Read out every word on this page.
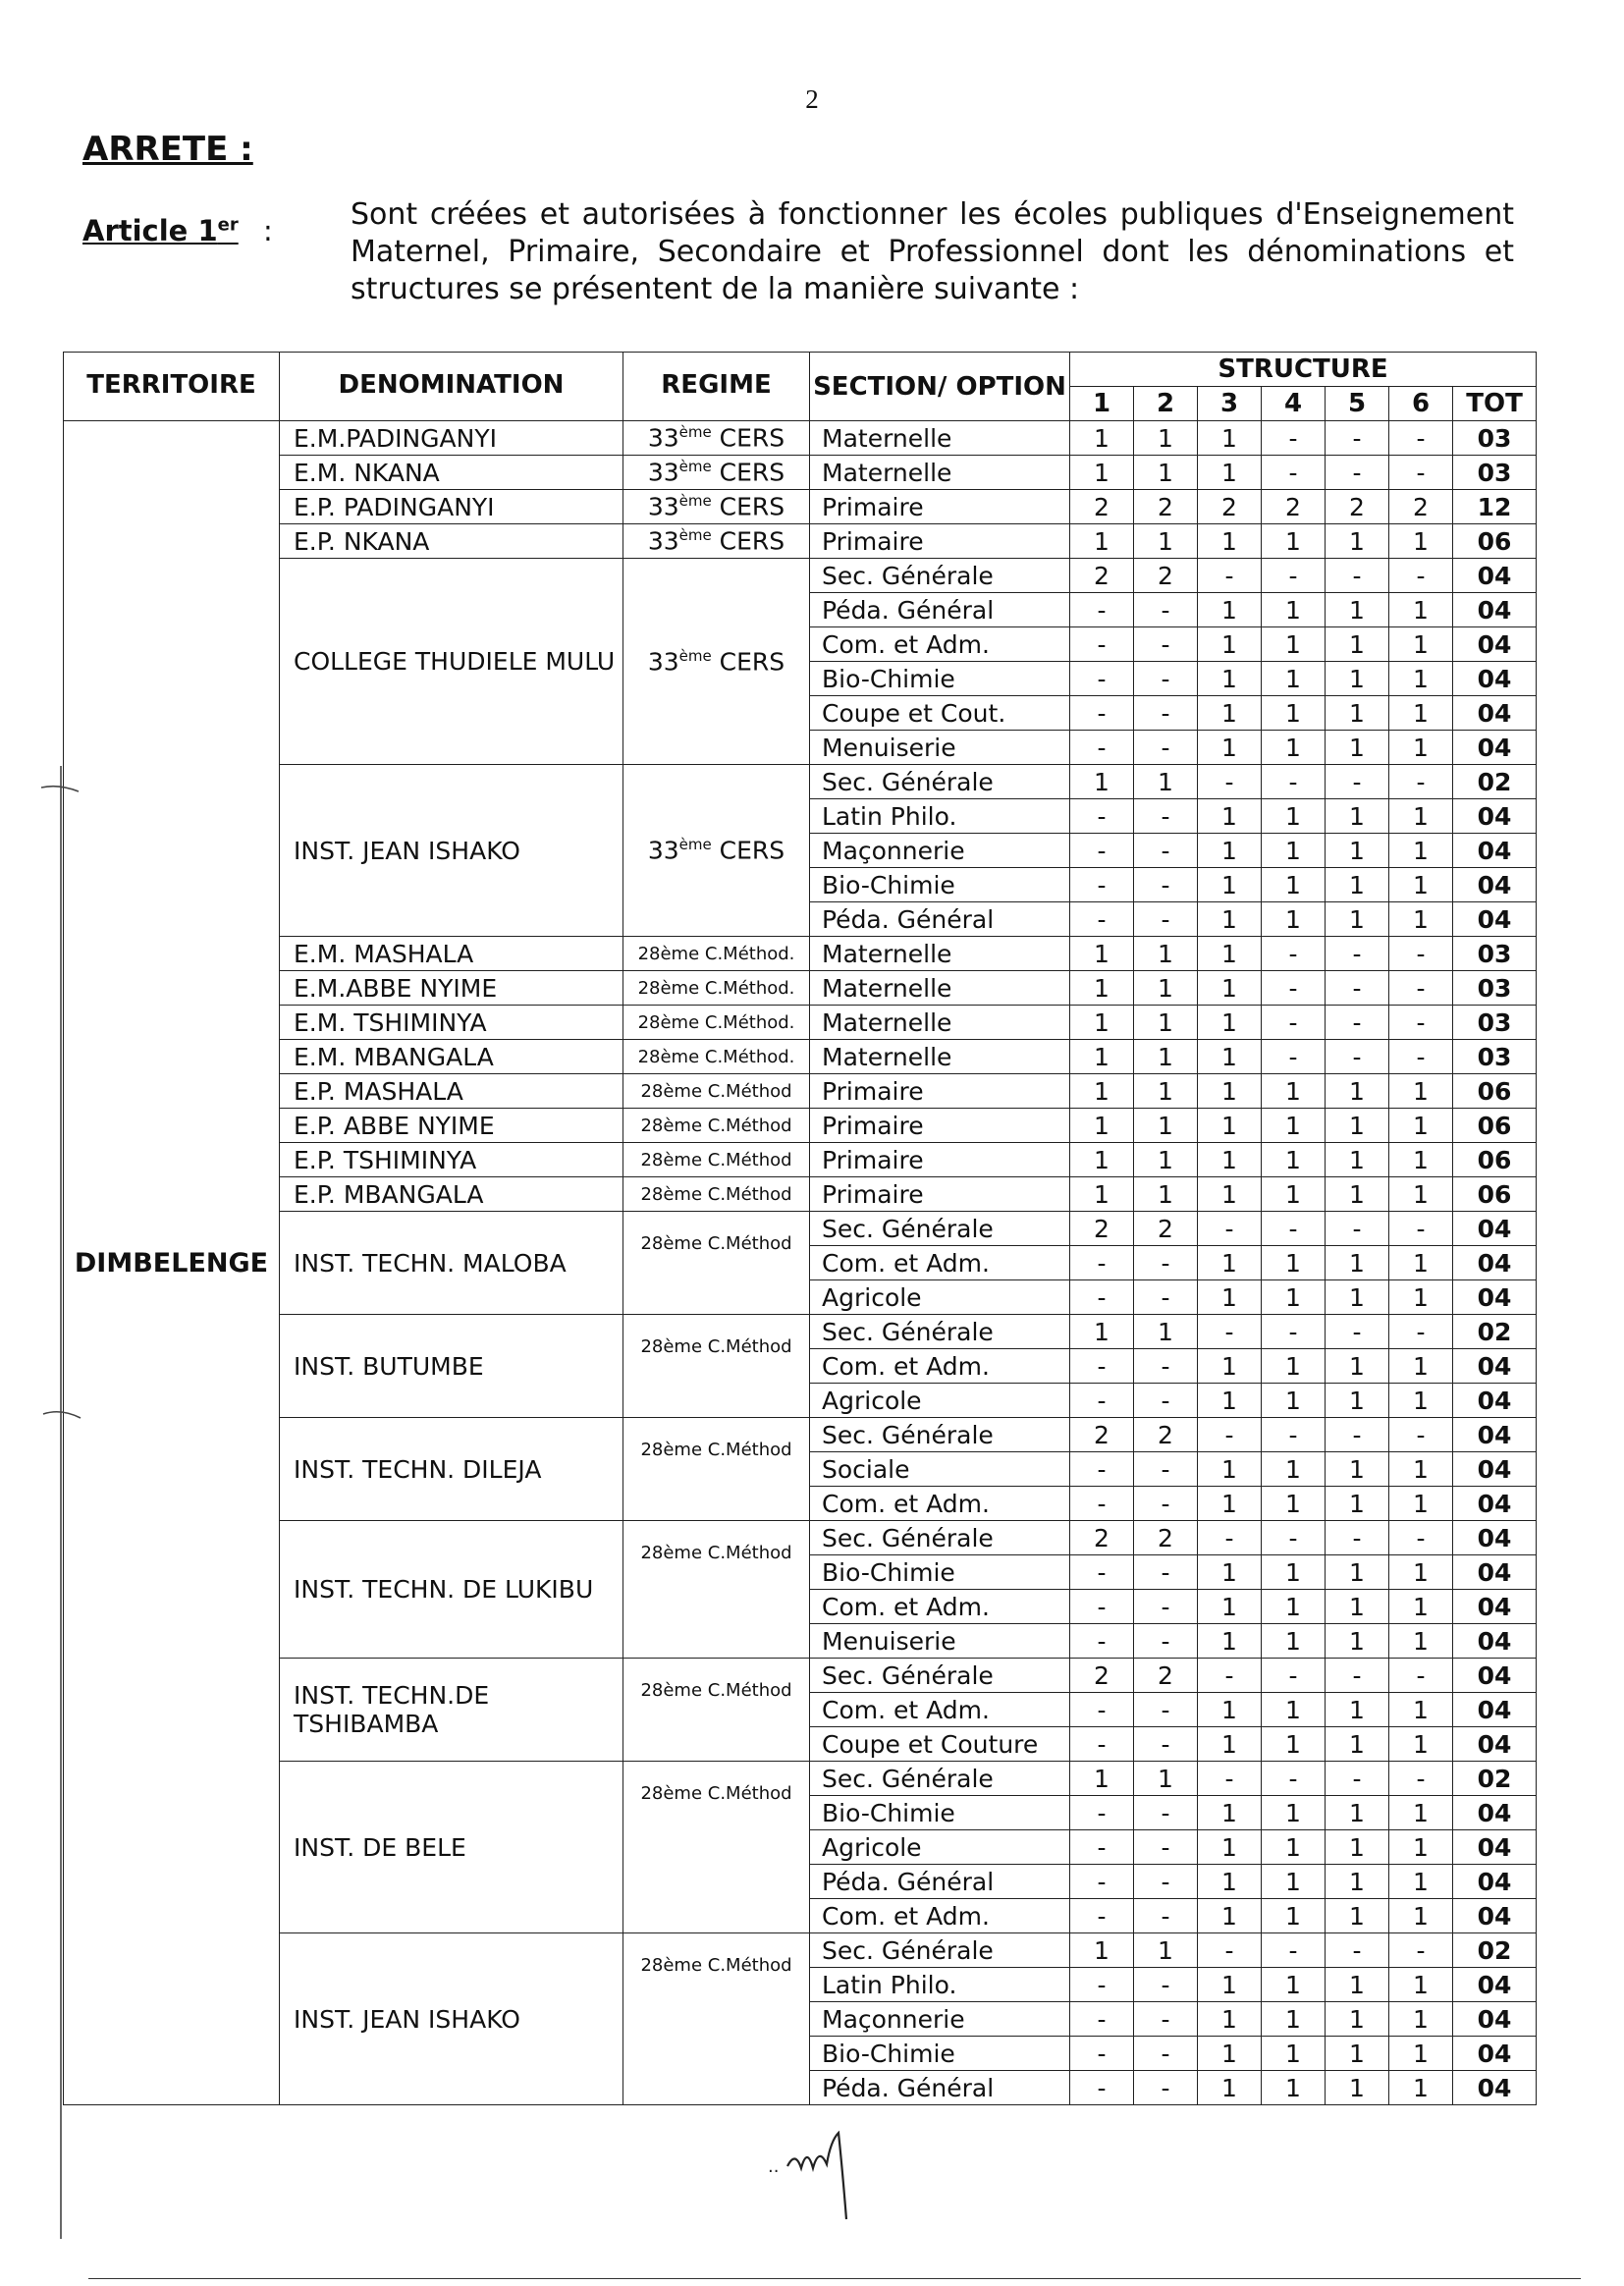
2
ARRETE :
Article 1er :	Sont créées et autorisées à fonctionner les écoles publiques d'Enseignement Maternel, Primaire, Secondaire et Professionnel dont les dénominations et structures se présentent de la manière suivante :
TERRITOIRE	DENOMINATION	REGIME	SECTION/ OPTION	STRUCTURE						
				1	2	3	4	5	6	TOT
DIMBELENGE	E.M.PADINGANYI	33ème CERS	Maternelle	1	1	1	-	-	-	03
	E.M. NKANA	33ème CERS	Maternelle	1	1	1	-	-	-	03
	E.P. PADINGANYI	33ème CERS	Primaire	2	2	2	2	2	2	12
	E.P. NKANA	33ème CERS	Primaire	1	1	1	1	1	1	06
	COLLEGE THUDIELE MULU	33ème CERS	Sec. Générale	2	2	-	-	-	-	04
			Péda. Général	-	-	1	1	1	1	04
			Com. et Adm.	-	-	1	1	1	1	04
			Bio-Chimie	-	-	1	1	1	1	04
			Coupe et Cout.	-	-	1	1	1	1	04
			Menuiserie	-	-	1	1	1	1	04
	INST. JEAN ISHAKO	33ème CERS	Sec. Générale	1	1	-	-	-	-	02
			Latin Philo.	-	-	1	1	1	1	04
			Maçonnerie	-	-	1	1	1	1	04
			Bio-Chimie	-	-	1	1	1	1	04
			Péda. Général	-	-	1	1	1	1	04
	E.M. MASHALA	28ème C.Méthod.	Maternelle	1	1	1	-	-	-	03
	E.M.ABBE NYIME	28ème C.Méthod.	Maternelle	1	1	1	-	-	-	03
	E.M. TSHIMINYA	28ème C.Méthod.	Maternelle	1	1	1	-	-	-	03
	E.M. MBANGALA	28ème C.Méthod.	Maternelle	1	1	1	-	-	-	03
	E.P. MASHALA	28ème C.Méthod	Primaire	1	1	1	1	1	1	06
	E.P. ABBE NYIME	28ème C.Méthod	Primaire	1	1	1	1	1	1	06
	E.P. TSHIMINYA	28ème C.Méthod	Primaire	1	1	1	1	1	1	06
	E.P. MBANGALA	28ème C.Méthod	Primaire	1	1	1	1	1	1	06
	INST. TECHN. MALOBA	28ème C.Méthod	Sec. Générale	2	2	-	-	-	-	04
			Com. et Adm.	-	-	1	1	1	1	04
			Agricole	-	-	1	1	1	1	04
	INST. BUTUMBE	28ème C.Méthod	Sec. Générale	1	1	-	-	-	-	02
			Com. et Adm.	-	-	1	1	1	1	04
			Agricole	-	-	1	1	1	1	04
	INST. TECHN. DILEJA	28ème C.Méthod	Sec. Générale	2	2	-	-	-	-	04
			Sociale	-	-	1	1	1	1	04
			Com. et Adm.	-	-	1	1	1	1	04
	INST. TECHN. DE LUKIBU	28ème C.Méthod	Sec. Générale	2	2	-	-	-	-	04
			Bio-Chimie	-	-	1	1	1	1	04
			Com. et Adm.	-	-	1	1	1	1	04
			Menuiserie	-	-	1	1	1	1	04
	INST. TECHN.DE TSHIBAMBA	28ème C.Méthod	Sec. Générale	2	2	-	-	-	-	04
			Com. et Adm.	-	-	1	1	1	1	04
			Coupe et Couture	-	-	1	1	1	1	04
	INST. DE BELE	28ème C.Méthod	Sec. Générale	1	1	-	-	-	-	02
			Bio-Chimie	-	-	1	1	1	1	04
			Agricole	-	-	1	1	1	1	04
			Péda. Général	-	-	1	1	1	1	04
			Com. et Adm.	-	-	1	1	1	1	04
	INST. JEAN ISHAKO	28ème C.Méthod	Sec. Générale	1	1	-	-	-	-	02
			Latin Philo.	-	-	1	1	1	1	04
			Maçonnerie	-	-	1	1	1	1	04
			Bio-Chimie	-	-	1	1	1	1	04
			Péda. Général	-	-	1	1	1	1	04
..
